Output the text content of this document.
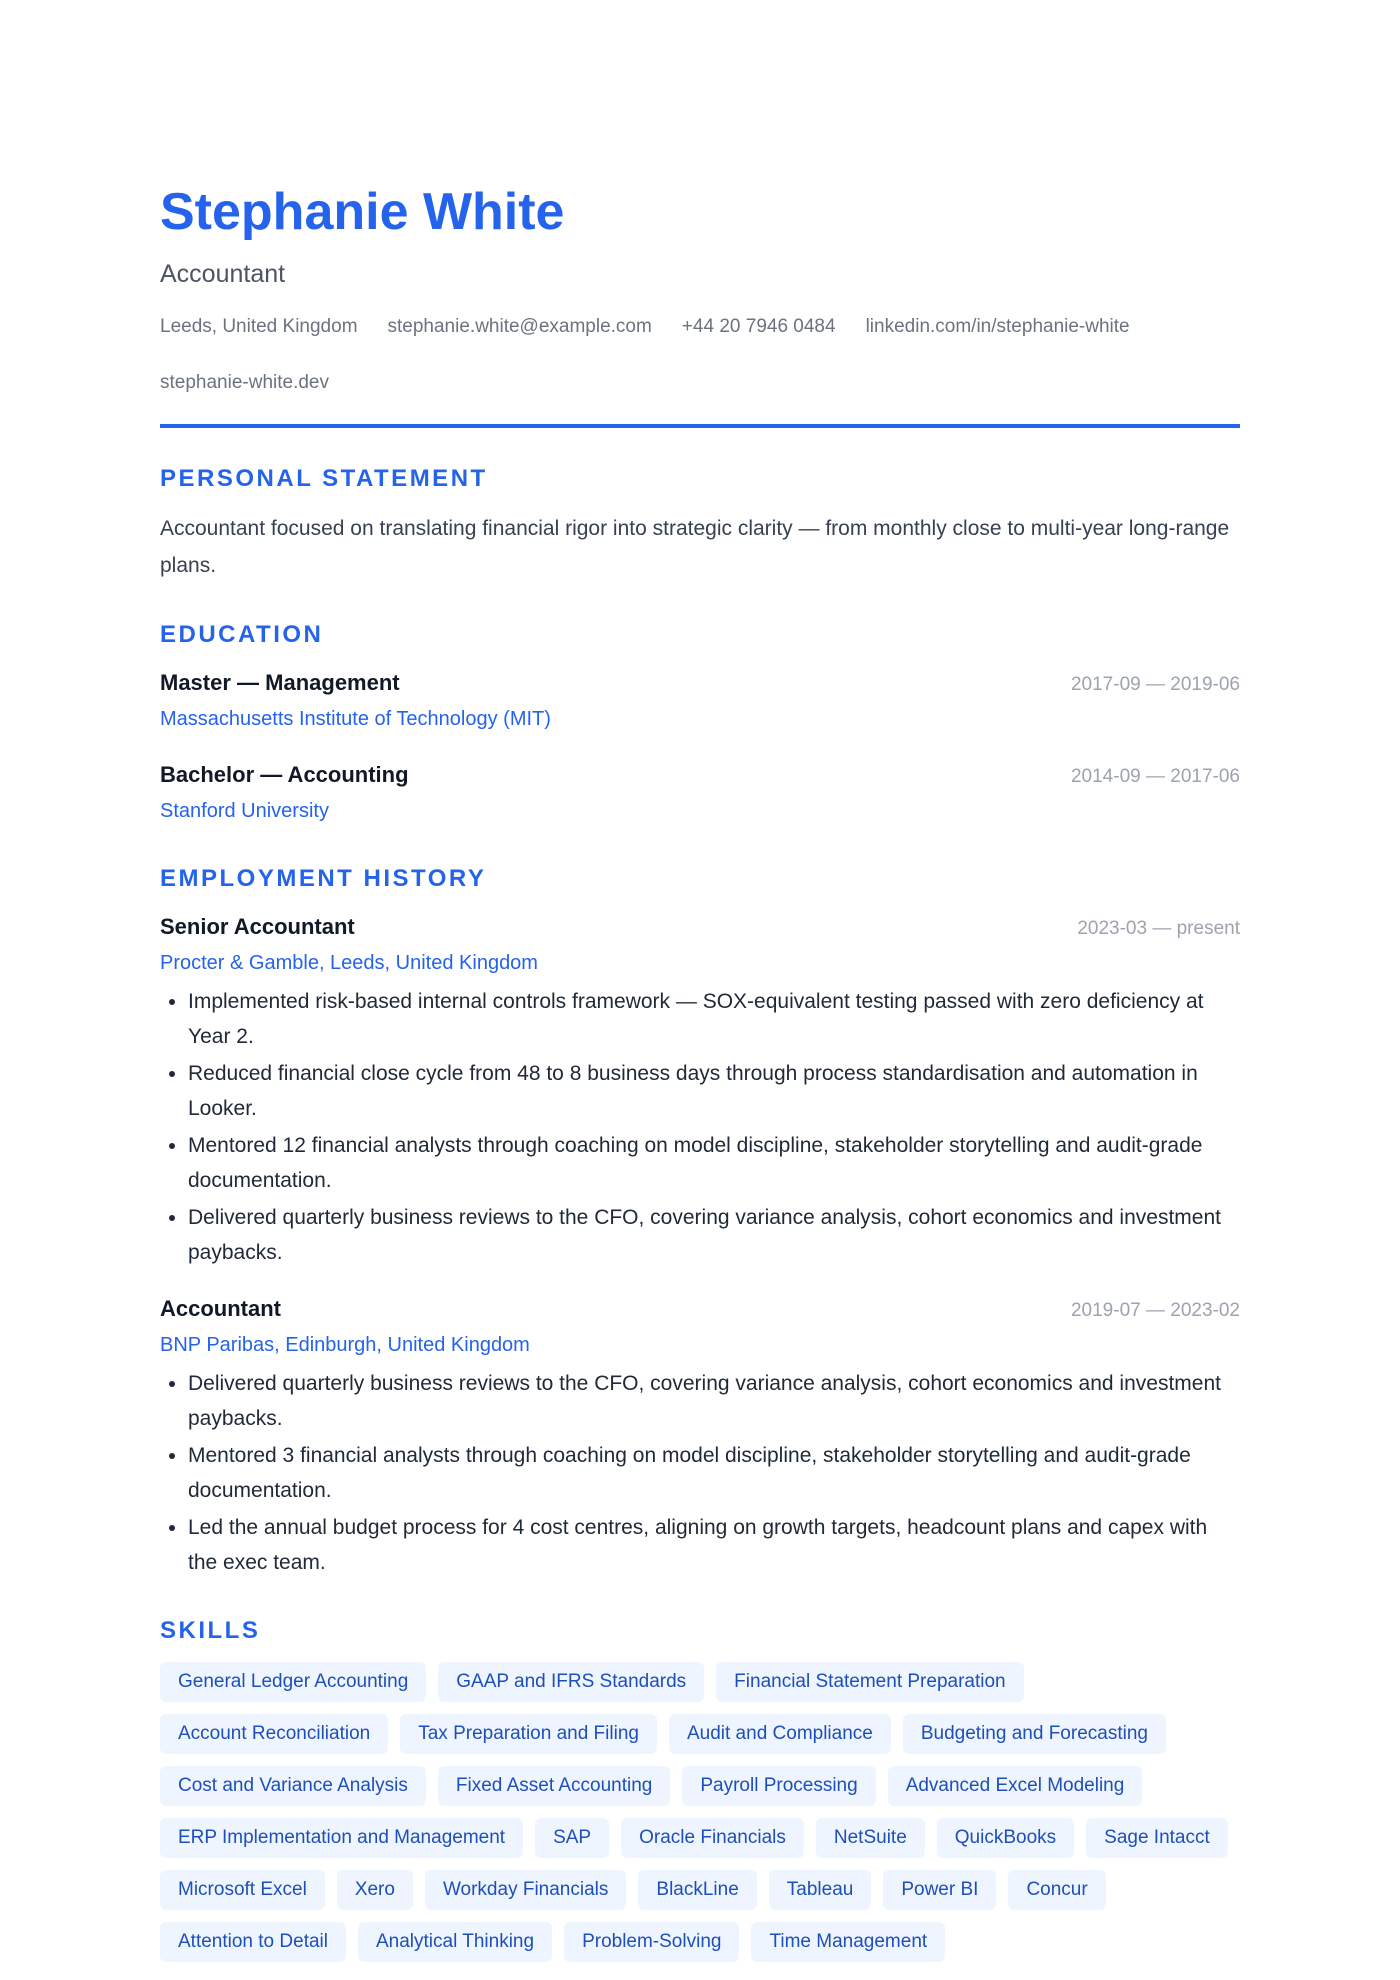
Stephanie White
Accountant
Leeds, United Kingdom stephanie.white@example.com +44 20 7946 0484 linkedin.com/in/stephanie-white
stephanie-white.dev
PERSONAL STATEMENT

Accountant focused on translating financial rigor into strategic clarity — from monthly close to multi-year long-range plans.

EDUCATION
Master — Management	2017-09 — 2019-06
Massachusetts Institute of Technology (MIT)
Bachelor — Accounting	2014-09 — 2017-06
Stanford University
EMPLOYMENT HISTORY
Senior Accountant	2023-03 — present
Procter & Gamble, Leeds, United Kingdom
• Implemented risk-based internal controls framework — SOX-equivalent testing passed with zero deficiency at Year 2.
• Reduced financial close cycle from 48 to 8 business days through process standardisation and automation in Looker.
• Mentored 12 financial analysts through coaching on model discipline, stakeholder storytelling and audit-grade documentation.
• Delivered quarterly business reviews to the CFO, covering variance analysis, cohort economics and investment paybacks.
Accountant	2019-07 — 2023-02
BNP Paribas, Edinburgh, United Kingdom
• Delivered quarterly business reviews to the CFO, covering variance analysis, cohort economics and investment paybacks.
• Mentored 3 financial analysts through coaching on model discipline, stakeholder storytelling and audit-grade documentation.
• Led the annual budget process for 4 cost centres, aligning on growth targets, headcount plans and capex with the exec team.
SKILLS
General Ledger Accounting	GAAP and IFRS Standards	Financial Statement Preparation
Account Reconciliation	Tax Preparation and Filing	Audit and Compliance	Budgeting and Forecasting
Cost and Variance Analysis	Fixed Asset Accounting	Payroll Processing	Advanced Excel Modeling
ERP Implementation and Management	SAP	Oracle Financials	NetSuite	QuickBooks	Sage Intacct
Microsoft Excel	Xero	Workday Financials	BlackLine	Tableau	Power BI	Concur
Attention to Detail	Analytical Thinking	Problem-Solving	Time Management
